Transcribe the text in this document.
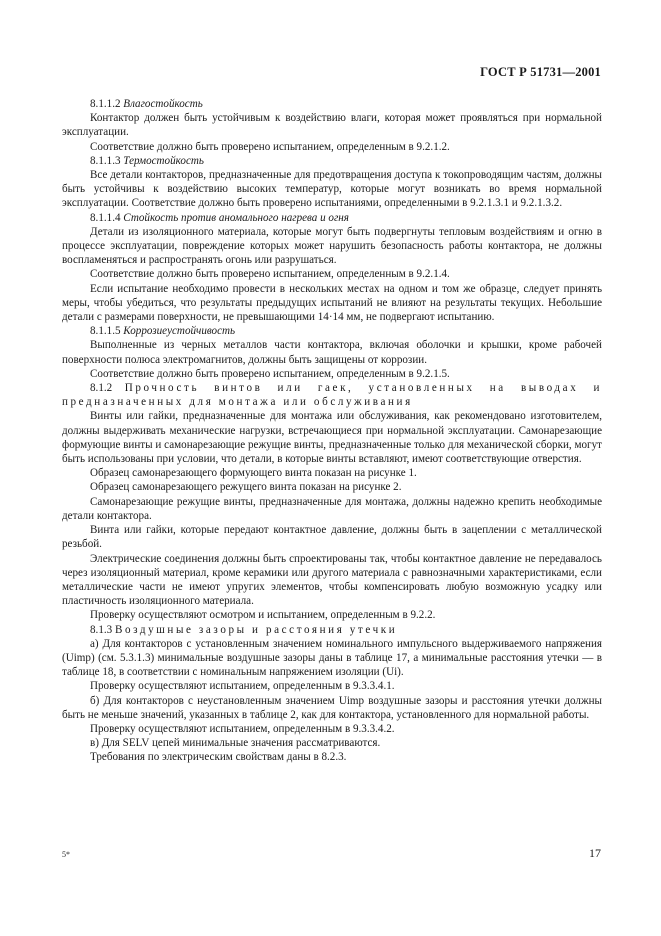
ГОСТ Р 51731—2001

8.1.1.2 Влагостойкость

Контактор должен быть устойчивым к воздействию влаги, которая может проявляться при нормальной эксплуатации.

Соответствие должно быть проверено испытанием, определенным в 9.2.1.2.

8.1.1.3 Термостойкость

Все детали контакторов, предназначенные для предотвращения доступа к токопроводящим частям, должны быть устойчивы к воздействию высоких температур, которые могут возникать во время нормальной эксплуатации. Соответствие должно быть проверено испытаниями, определенными в 9.2.1.3.1 и 9.2.1.3.2.

8.1.1.4 Стойкость против аномального нагрева и огня

Детали из изоляционного материала, которые могут быть подвергнуты тепловым воздействиям и огню в процессе эксплуатации, повреждение которых может нарушить безопасность работы контактора, не должны воспламеняться и распространять огонь или разрушаться.

Соответствие должно быть проверено испытанием, определенным в 9.2.1.4.

Если испытание необходимо провести в нескольких местах на одном и том же образце, следует принять меры, чтобы убедиться, что результаты предыдущих испытаний не влияют на результаты текущих. Небольшие детали с размерами поверхности, не превышающими 14·14 мм, не подвергают испытанию.

8.1.1.5 Коррозиеустойчивость

Выполненные из черных металлов части контактора, включая оболочки и крышки, кроме рабочей поверхности полюса электромагнитов, должны быть защищены от коррозии.

Соответствие должно быть проверено испытанием, определенным в 9.2.1.5.

8.1.2 Прочность винтов или гаек, установленных на выводах и предназначенных для монтажа или обслуживания

Винты или гайки, предназначенные для монтажа или обслуживания, как рекомендовано изготовителем, должны выдерживать механические нагрузки, встречающиеся при нормальной эксплуатации. Самонарезающие формующие винты и самонарезающие режущие винты, предназначенные только для механической сборки, могут быть использованы при условии, что детали, в которые винты вставляют, имеют соответствующие отверстия.

Образец самонарезающего формующего винта показан на рисунке 1.

Образец самонарезающего режущего винта показан на рисунке 2.

Самонарезающие режущие винты, предназначенные для монтажа, должны надежно крепить необходимые детали контактора.

Винта или гайки, которые передают контактное давление, должны быть в зацеплении с металлической резьбой.

Электрические соединения должны быть спроектированы так, чтобы контактное давление не передавалось через изоляционный материал, кроме керамики или другого материала с равнозначными характеристиками, если металлические части не имеют упругих элементов, чтобы компенсировать любую возможную усадку или пластичность изоляционного материала.

Проверку осуществляют осмотром и испытанием, определенным в 9.2.2.

8.1.3 Воздушные зазоры и расстояния утечки

а) Для контакторов с установленным значением номинального импульсного выдерживаемого напряжения (Uimp) (см. 5.3.1.3) минимальные воздушные зазоры даны в таблице 17, а минимальные расстояния утечки — в таблице 18, в соответствии с номинальным напряжением изоляции (Ui).

Проверку осуществляют испытанием, определенным в 9.3.3.4.1.

б) Для контакторов с неустановленным значением Uimp воздушные зазоры и расстояния утечки должны быть не меньше значений, указанных в таблице 2, как для контактора, установленного для нормальной работы.

Проверку осуществляют испытанием, определенным в 9.3.3.4.2.

в) Для SELV цепей минимальные значения рассматриваются.

Требования по электрическим свойствам даны в 8.2.3.

5*	17
